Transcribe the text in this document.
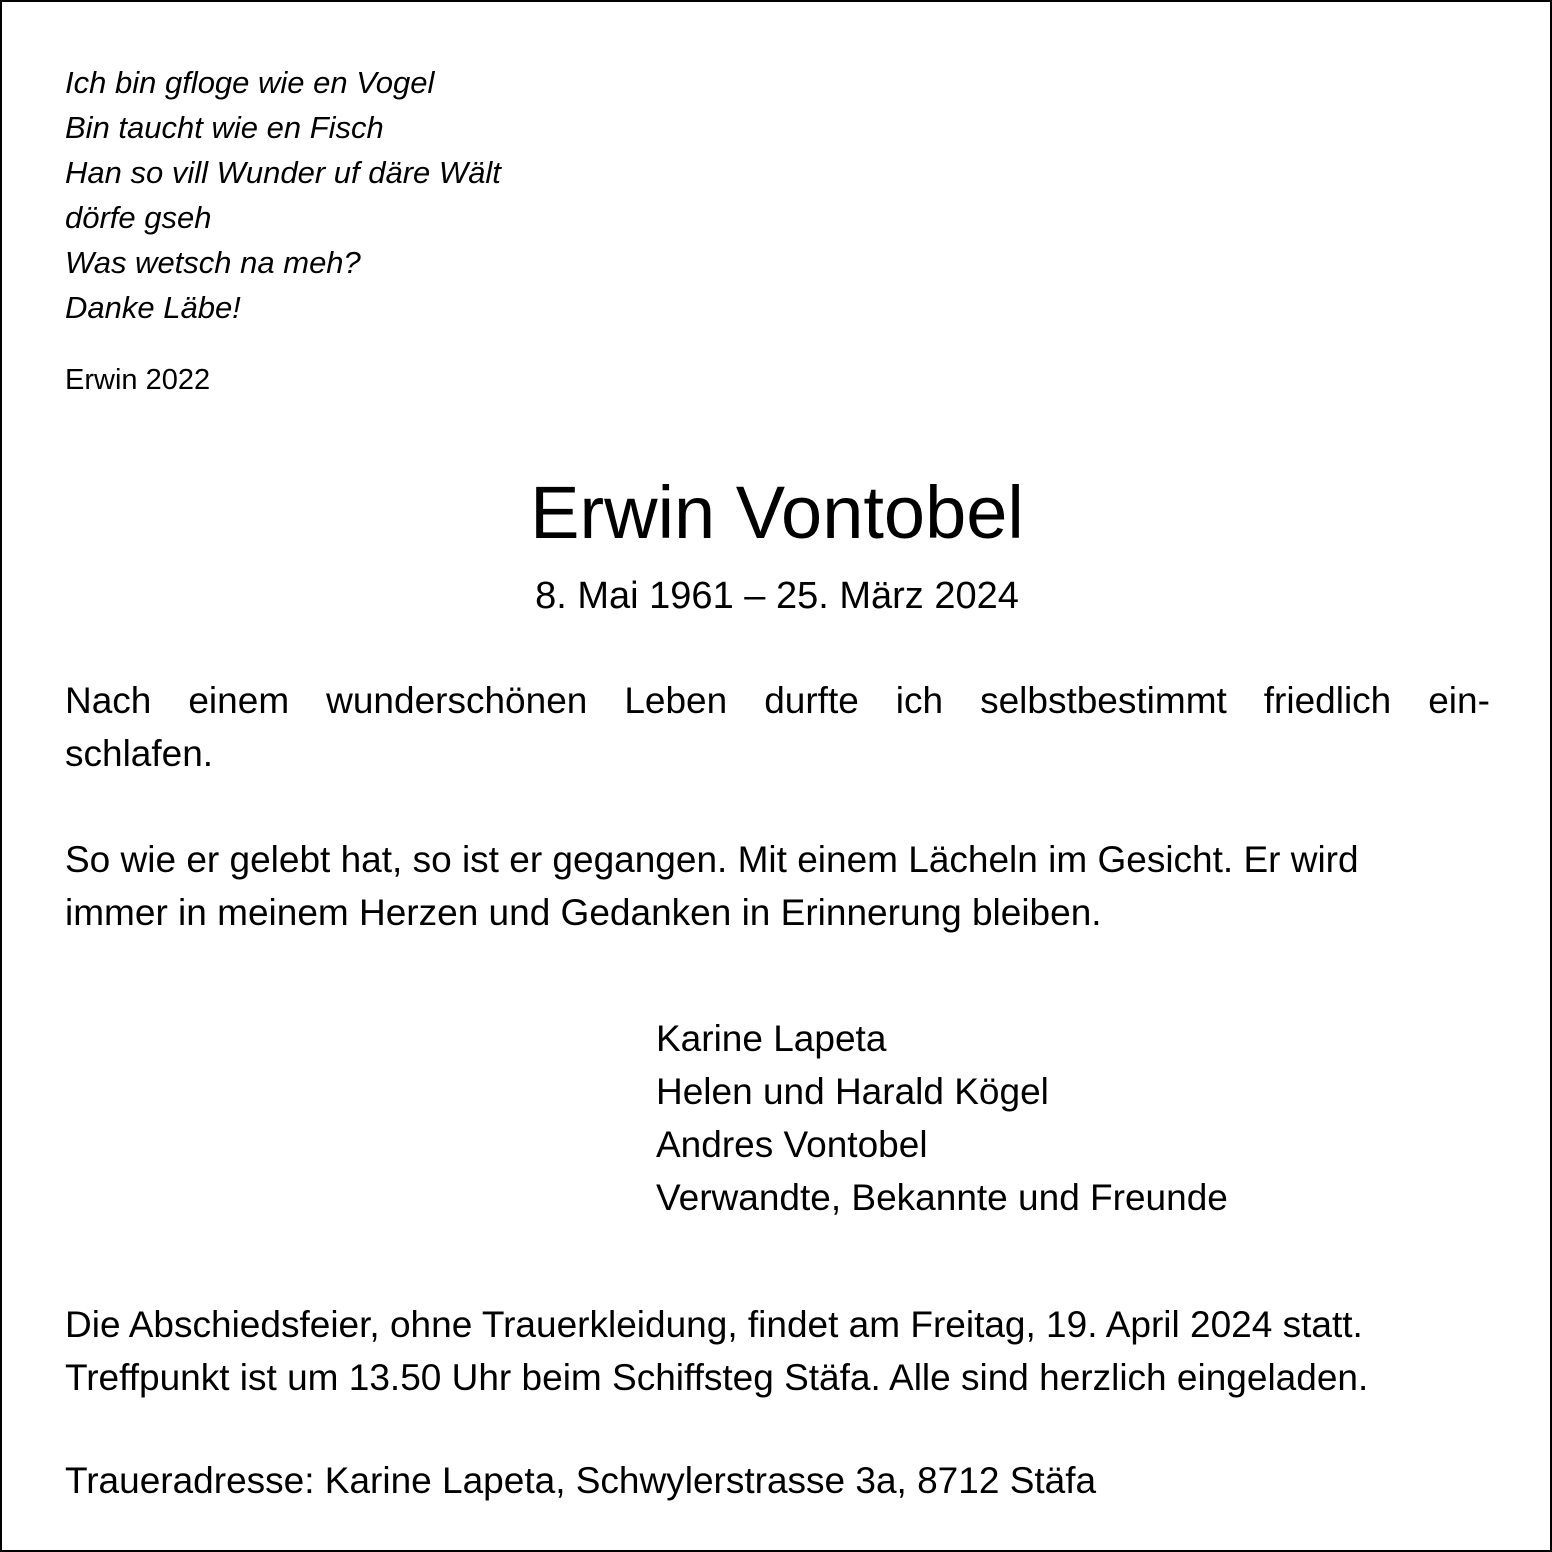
Ich bin gfloge wie en Vogel
Bin taucht wie en Fisch
Han so vill Wunder uf däre Wält
dörfe gseh
Was wetsch na meh?
Danke Läbe!
Erwin 2022
Erwin Vontobel
8. Mai 1961 – 25. März 2024
Nach einem wunderschönen Leben durfte ich selbstbestimmt friedlich ein-
schlafen.
So wie er gelebt hat, so ist er gegangen. Mit einem Lächeln im Gesicht. Er wird
immer in meinem Herzen und Gedanken in Erinnerung bleiben.
Karine Lapeta
Helen und Harald Kögel
Andres Vontobel
Verwandte, Bekannte und Freunde
Die Abschiedsfeier, ohne Trauerkleidung, findet am Freitag, 19. April 2024 statt.
Treffpunkt ist um 13.50 Uhr beim Schiffsteg Stäfa. Alle sind herzlich eingeladen.
Traueradresse: Karine Lapeta, Schwylerstrasse 3a, 8712 Stäfa
